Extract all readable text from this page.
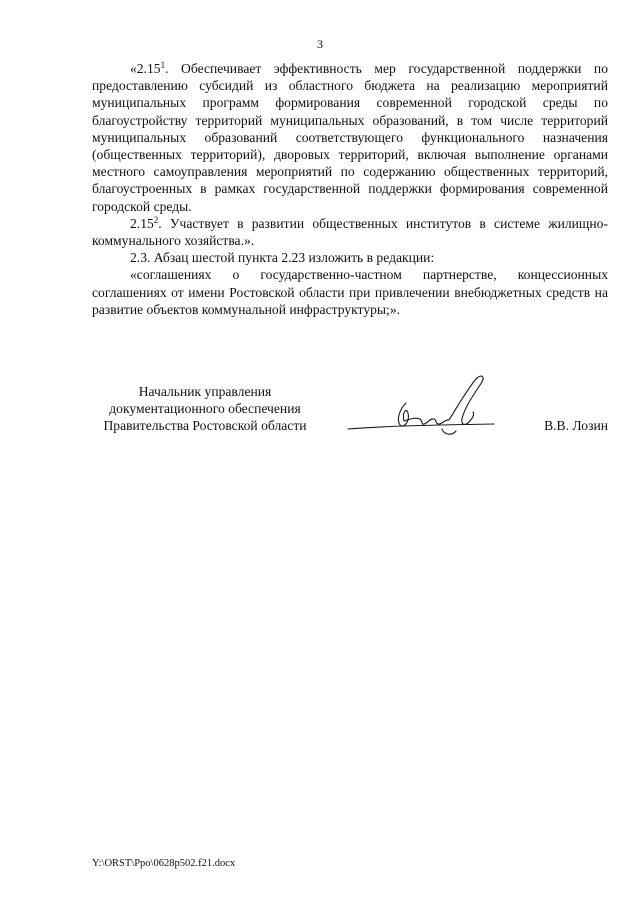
3

«2.15$^1$. Обеспечивает эффективность мер государственной поддержки по предоставлению субсидий из областного бюджета на реализацию мероприятий муниципальных программ формирования современной городской среды по благоустройству территорий муниципальных образований, в том числе территорий муниципальных образований соответствующего функционального назначения (общественных территорий), дворовых территорий, включая выполнение органами местного самоуправления мероприятий по содержанию общественных территорий, благоустроенных в рамках государственной поддержки формирования современной городской среды.

2.15$^2$. Участвует в развитии общественных институтов в системе жилищно-коммунального хозяйства.».

2.3. Абзац шестой пункта 2.23 изложить в редакции:

«соглашениях о государственно-частном партнерстве, концессионных соглашениях от имени Ростовской области при привлечении внебюджетных средств на развитие объектов коммунальной инфраструктуры;».

Начальник управления
документационного обеспечения
Правительства Ростовской области	В.В. Лозин
Y:\ORST\Ppo\0628p502.f21.docx
